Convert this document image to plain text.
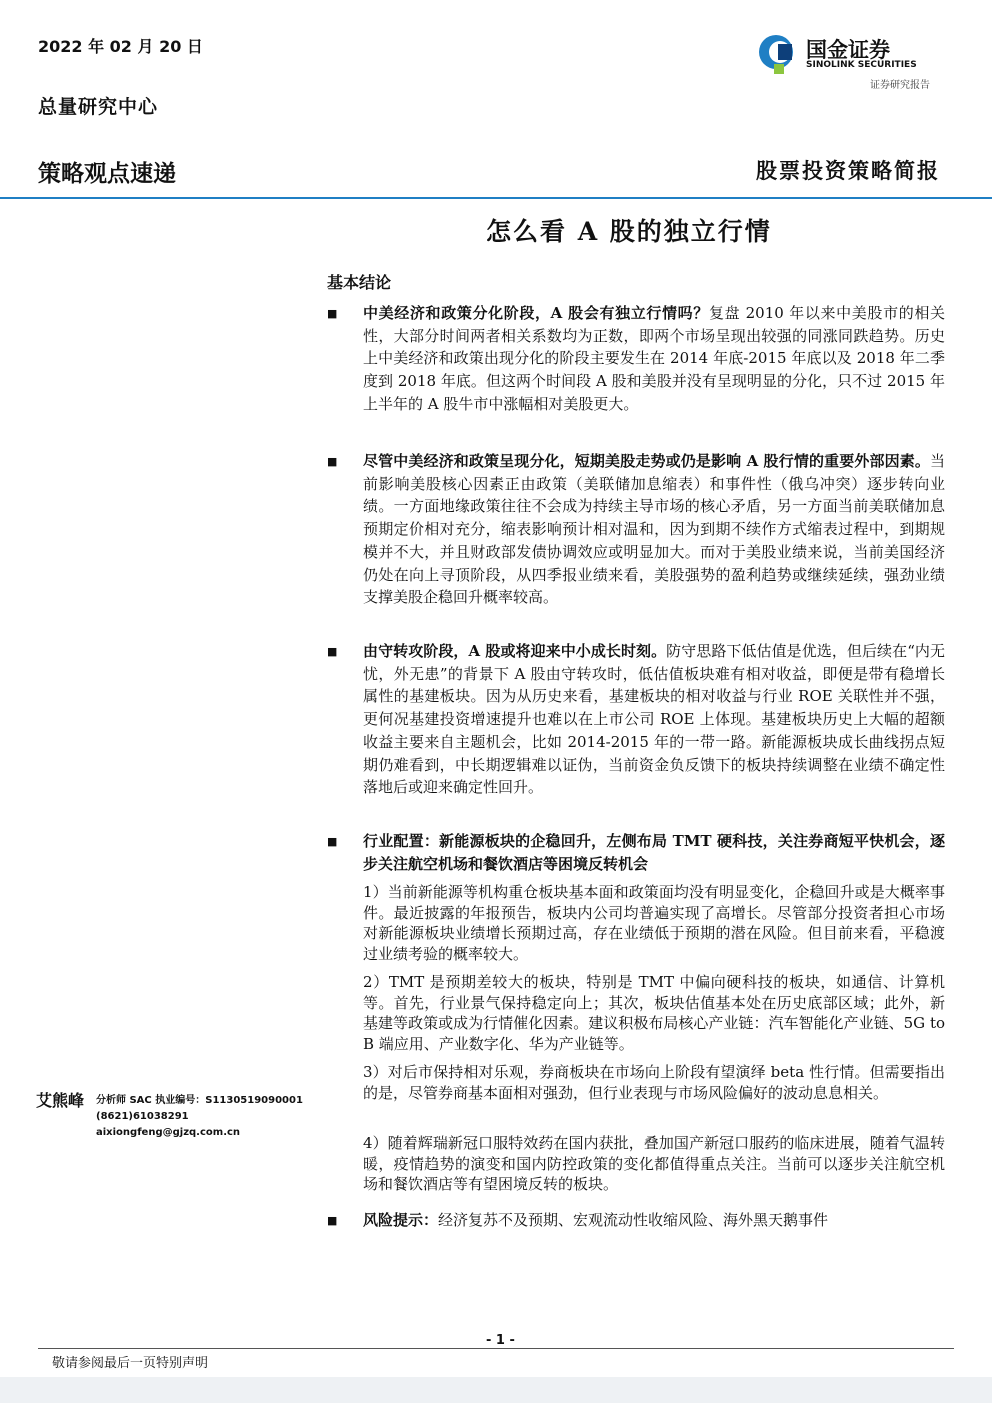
2022 年 02 月 20 日
总量研究中心
国金证券
SINOLINK SECURITIES
证券研究报告
策略观点速递	股票投资策略简报
怎么看 A 股的独立行情
基本结论
■ 中美经济和政策分化阶段，A 股会有独立行情吗？复盘 2010 年以来中美股市的相关性，大部分时间两者相关系数均为正数，即两个市场呈现出较强的同涨同跌趋势。历史上中美经济和政策出现分化的阶段主要发生在 2014 年底-2015 年底以及 2018 年二季度到 2018 年底。但这两个时间段 A 股和美股并没有呈现明显的分化，只不过 2015 年上半年的 A 股牛市中涨幅相对美股更大。
■ 尽管中美经济和政策呈现分化，短期美股走势或仍是影响 A 股行情的重要外部因素。当前影响美股核心因素正由政策（美联储加息缩表）和事件性（俄乌冲突）逐步转向业绩。一方面地缘政策往往不会成为持续主导市场的核心矛盾，另一方面当前美联储加息预期定价相对充分，缩表影响预计相对温和，因为到期不续作方式缩表过程中，到期规模并不大，并且财政部发债协调效应或明显加大。而对于美股业绩来说，当前美国经济仍处在向上寻顶阶段，从四季报业绩来看，美股强势的盈利趋势或继续延续，强劲业绩支撑美股企稳回升概率较高。
■ 由守转攻阶段，A 股或将迎来中小成长时刻。防守思路下低估值是优选，但后续在“内无忧，外无患”的背景下 A 股由守转攻时，低估值板块难有相对收益，即便是带有稳增长属性的基建板块。因为从历史来看，基建板块的相对收益与行业 ROE 关联性并不强，更何况基建投资增速提升也难以在上市公司 ROE 上体现。基建板块历史上大幅的超额收益主要来自主题机会，比如 2014-2015 年的一带一路。新能源板块成长曲线拐点短期仍难看到，中长期逻辑难以证伪，当前资金负反馈下的板块持续调整在业绩不确定性落地后或迎来确定性回升。
■ 行业配置：新能源板块的企稳回升，左侧布局 TMT 硬科技，关注券商短平快机会，逐步关注航空机场和餐饮酒店等困境反转机会
1）当前新能源等机构重仓板块基本面和政策面均没有明显变化，企稳回升或是大概率事件。最近披露的年报预告，板块内公司均普遍实现了高增长。尽管部分投资者担心市场对新能源板块业绩增长预期过高，存在业绩低于预期的潜在风险。但目前来看，平稳渡过业绩考验的概率较大。
2）TMT 是预期差较大的板块，特别是 TMT 中偏向硬科技的板块，如通信、计算机等。首先，行业景气保持稳定向上；其次，板块估值基本处在历史底部区域；此外，新基建等政策或成为行情催化因素。建议积极布局核心产业链：汽车智能化产业链、5G to B 端应用、产业数字化、华为产业链等。
3）对后市保持相对乐观，券商板块在市场向上阶段有望演绎 beta 性行情。但需要指出的是，尽管券商基本面相对强劲，但行业表现与市场风险偏好的波动息息相关。
4）随着辉瑞新冠口服特效药在国内获批，叠加国产新冠口服药的临床进展，随着气温转暖，疫情趋势的演变和国内防控政策的变化都值得重点关注。当前可以逐步关注航空机场和餐饮酒店等有望困境反转的板块。
■ 风险提示：经济复苏不及预期、宏观流动性收缩风险、海外黑天鹅事件
艾熊峰 分析师 SAC 执业编号：S1130519090001
(8621)61038291
aixiongfeng@gjzq.com.cn
- 1 -
敬请参阅最后一页特别声明
